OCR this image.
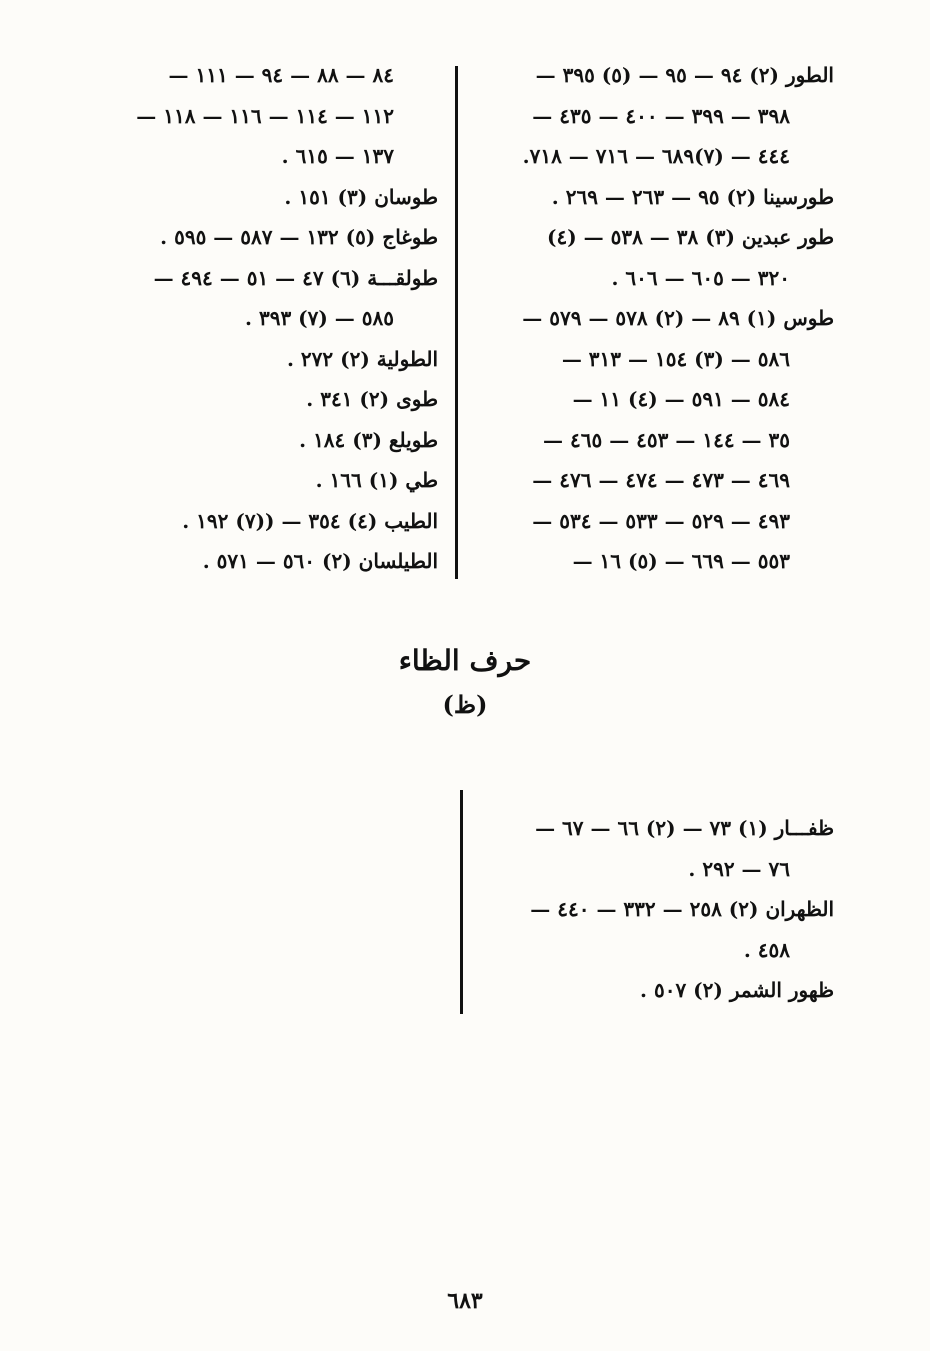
الطور (٢) ٩٤ — ٩٥ — (٥) ٣٩٥ —
٣٩٨ — ٣٩٩ — ٤٠٠ — ٤٣٥ —
٤٤٤ — (٧)٦٨٩ — ٧١٦ — ٧١٨.
طورسينا (٢) ٩٥ — ٢٦٣ — ٢٦٩ .
طور عبدين (٣) ٣٨ — ٥٣٨ — (٤)
٣٢٠ — ٦٠٥ — ٦٠٦ .
طوس (١) ٨٩ — (٢) ٥٧٨ — ٥٧٩ —
٥٨٦ — (٣) ١٥٤ — ٣١٣ —
٥٨٤ — ٥٩١ — (٤) ١١ —
٣٥ — ١٤٤ — ٤٥٣ — ٤٦٥ —
٤٦٩ — ٤٧٣ — ٤٧٤ — ٤٧٦ —
٤٩٣ — ٥٢٩ — ٥٣٣ — ٥٣٤ —
٥٥٣ — ٦٦٩ — (٥) ١٦ —
٨٤ — ٨٨ — ٩٤ — ١١١ —
١١٢ — ١١٤ — ١١٦ — ١١٨ —
١٣٧ — ٦١٥ .
طوسان (٣) ١٥١ .
طوغاج (٥) ١٣٢ — ٥٨٧ — ٥٩٥ .
طولقـــة (٦) ٤٧ — ٥١ — ٤٩٤ —
٥٨٥ — (٧) ٣٩٣ .
الطولية (٢) ٢٧٢ .
طوى (٢) ٣٤١ .
طويلع (٣) ١٨٤ .
طي (١) ١٦٦ .
الطيب (٤) ٣٥٤ — ((٧) ١٩٢ .
الطيلسان (٢) ٥٦٠ — ٥٧١ .
حرف الظاء
(ظ)
ظفـــار (١) ٧٣ — (٢) ٦٦ — ٦٧ —
٧٦ — ٢٩٢ .
الظهران (٢) ٢٥٨ — ٣٣٢ — ٤٤٠ —
٤٥٨ .
ظهور الشمر (٢) ٥٠٧ .
٦٨٣
